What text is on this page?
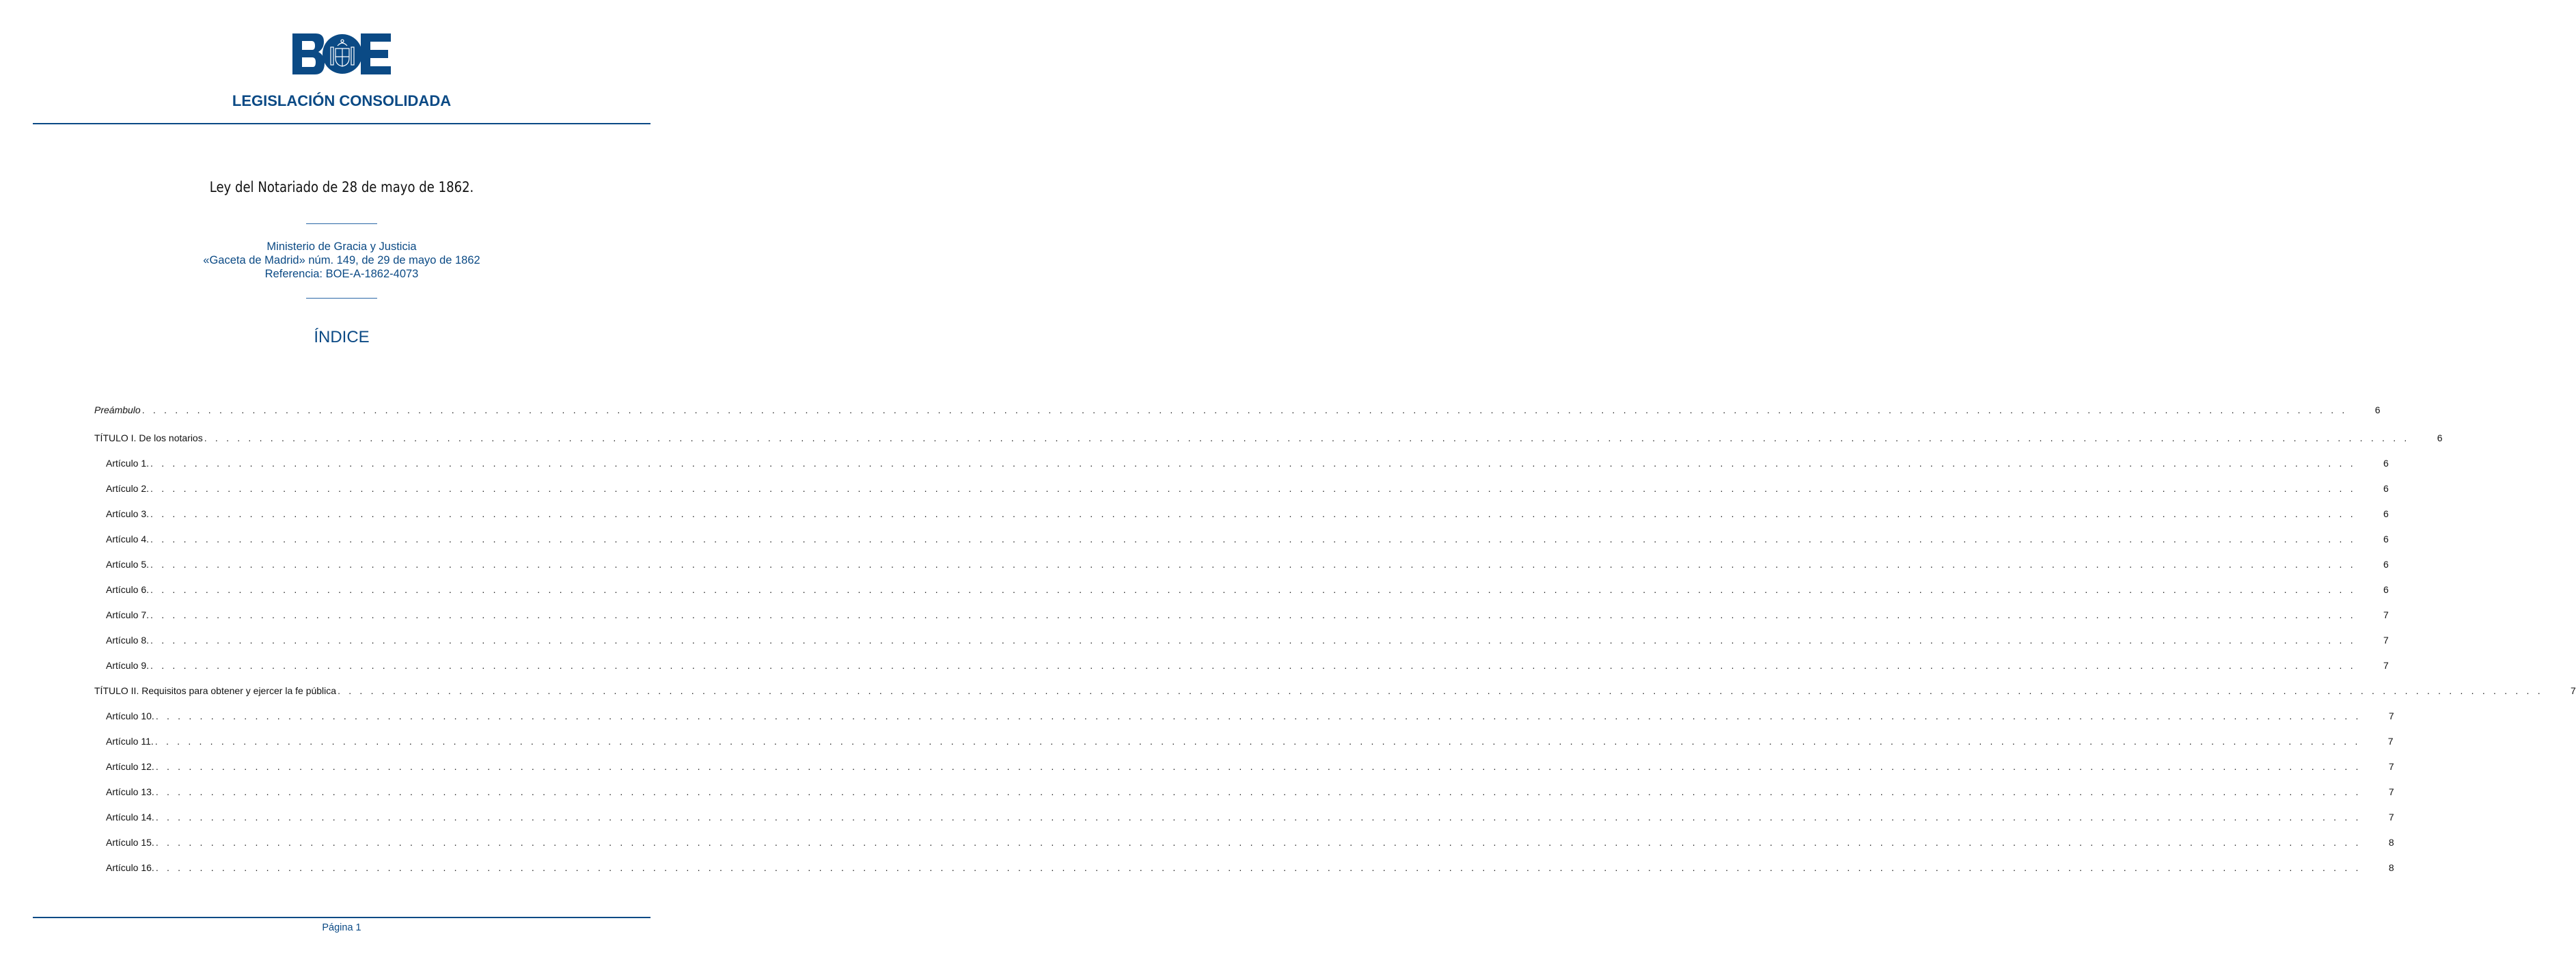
LEGISLACIÓN CONSOLIDADA
Ley del Notariado de 28 de mayo de 1862.
Ministerio de Gracia y Justicia
«Gaceta de Madrid» núm. 149, de 29 de mayo de 1862
Referencia: BOE-A-1862-4073
ÍNDICE
Preámbulo . . . . . . . . . . . . . . . . . . . . . . . . . . . . . . . . . . . . . . . . . . . . . . . . . . . . . . . . . . . . . . . . . . . . . . . . . . . . . . . . . . . . . . . . . . . . . . . . . . . . . . . . . . . . . . . . . . . . . . . . . . . . . . . . . . . . . . . . . . . . . . . . . . . . . . . . . . . . . . . . . . . . . . . . . . . . . . . . . . . . . . . . . . . . . . . . . . . . . . . .	6
TÍTULO I. De los notarios . . . . . . . . . . . . . . . . . . . . . . . . . . . . . . . . . . . . . . . . . . . . . . . . . . . . . . . . . . . . . . . . . . . . . . . . . . . . . . . . . . . . . . . . . . . . . . . . . . . . . . . . . . . . . . . . . . . . . . . . . . . . . . . . . . . . . . . . . . . . . . . . . . . . . . . . . . . . . . . . . . . . . . . . . . . . . . . . . . . . . . . . . . . . . . . . . . . . . . . .	6
Artículo 1. . . . . . . . . . . . . . . . . . . . . . . . . . . . . . . . . . . . . . . . . . . . . . . . . . . . . . . . . . . . . . . . . . . . . . . . . . . . . . . . . . . . . . . . . . . . . . . . . . . . . . . . . . . . . . . . . . . . . . . . . . . . . . . . . . . . . . . . . . . . . . . . . . . . . . . . . . . . . . . . . . . . . . . . . . . . . . . . . . . . . . . . . . . . . . . . . . . . . . . . .	6
Artículo 2. . . . . . . . . . . . . . . . . . . . . . . . . . . . . . . . . . . . . . . . . . . . . . . . . . . . . . . . . . . . . . . . . . . . . . . . . . . . . . . . . . . . . . . . . . . . . . . . . . . . . . . . . . . . . . . . . . . . . . . . . . . . . . . . . . . . . . . . . . . . . . . . . . . . . . . . . . . . . . . . . . . . . . . . . . . . . . . . . . . . . . . . . . . . . . . . . . . . . . . . .	6
Artículo 3. . . . . . . . . . . . . . . . . . . . . . . . . . . . . . . . . . . . . . . . . . . . . . . . . . . . . . . . . . . . . . . . . . . . . . . . . . . . . . . . . . . . . . . . . . . . . . . . . . . . . . . . . . . . . . . . . . . . . . . . . . . . . . . . . . . . . . . . . . . . . . . . . . . . . . . . . . . . . . . . . . . . . . . . . . . . . . . . . . . . . . . . . . . . . . . . . . . . . . . . .	6
Artículo 4. . . . . . . . . . . . . . . . . . . . . . . . . . . . . . . . . . . . . . . . . . . . . . . . . . . . . . . . . . . . . . . . . . . . . . . . . . . . . . . . . . . . . . . . . . . . . . . . . . . . . . . . . . . . . . . . . . . . . . . . . . . . . . . . . . . . . . . . . . . . . . . . . . . . . . . . . . . . . . . . . . . . . . . . . . . . . . . . . . . . . . . . . . . . . . . . . . . . . . . . .	6
Artículo 5. . . . . . . . . . . . . . . . . . . . . . . . . . . . . . . . . . . . . . . . . . . . . . . . . . . . . . . . . . . . . . . . . . . . . . . . . . . . . . . . . . . . . . . . . . . . . . . . . . . . . . . . . . . . . . . . . . . . . . . . . . . . . . . . . . . . . . . . . . . . . . . . . . . . . . . . . . . . . . . . . . . . . . . . . . . . . . . . . . . . . . . . . . . . . . . . . . . . . . . . .	6
Artículo 6. . . . . . . . . . . . . . . . . . . . . . . . . . . . . . . . . . . . . . . . . . . . . . . . . . . . . . . . . . . . . . . . . . . . . . . . . . . . . . . . . . . . . . . . . . . . . . . . . . . . . . . . . . . . . . . . . . . . . . . . . . . . . . . . . . . . . . . . . . . . . . . . . . . . . . . . . . . . . . . . . . . . . . . . . . . . . . . . . . . . . . . . . . . . . . . . . . . . . . . . .	6
Artículo 7. . . . . . . . . . . . . . . . . . . . . . . . . . . . . . . . . . . . . . . . . . . . . . . . . . . . . . . . . . . . . . . . . . . . . . . . . . . . . . . . . . . . . . . . . . . . . . . . . . . . . . . . . . . . . . . . . . . . . . . . . . . . . . . . . . . . . . . . . . . . . . . . . . . . . . . . . . . . . . . . . . . . . . . . . . . . . . . . . . . . . . . . . . . . . . . . . . . . . . . . .	7
Artículo 8. . . . . . . . . . . . . . . . . . . . . . . . . . . . . . . . . . . . . . . . . . . . . . . . . . . . . . . . . . . . . . . . . . . . . . . . . . . . . . . . . . . . . . . . . . . . . . . . . . . . . . . . . . . . . . . . . . . . . . . . . . . . . . . . . . . . . . . . . . . . . . . . . . . . . . . . . . . . . . . . . . . . . . . . . . . . . . . . . . . . . . . . . . . . . . . . . . . . . . . . .	7
Artículo 9. . . . . . . . . . . . . . . . . . . . . . . . . . . . . . . . . . . . . . . . . . . . . . . . . . . . . . . . . . . . . . . . . . . . . . . . . . . . . . . . . . . . . . . . . . . . . . . . . . . . . . . . . . . . . . . . . . . . . . . . . . . . . . . . . . . . . . . . . . . . . . . . . . . . . . . . . . . . . . . . . . . . . . . . . . . . . . . . . . . . . . . . . . . . . . . . . . . . . . . . .	7
TÍTULO II. Requisitos para obtener y ejercer la fe pública . . . . . . . . . . . . . . . . . . . . . . . . . . . . . . . . . . . . . . . . . . . . . . . . . . . . . . . . . . . . . . . . . . . . . . . . . . . . . . . . . . . . . . . . . . . . . . . . . . . . . . . . . . . . . . . . . . . . . . . . . . . . . . . . . . . . . . . . . . . . . . . . . . . . . . . . . . . . . . . . . . . . . . . . . . . . . . . . . . . . . . . . . . . . . . . . . . . . . . . .	7
Artículo 10. . . . . . . . . . . . . . . . . . . . . . . . . . . . . . . . . . . . . . . . . . . . . . . . . . . . . . . . . . . . . . . . . . . . . . . . . . . . . . . . . . . . . . . . . . . . . . . . . . . . . . . . . . . . . . . . . . . . . . . . . . . . . . . . . . . . . . . . . . . . . . . . . . . . . . . . . . . . . . . . . . . . . . . . . . . . . . . . . . . . . . . . . . . . . . . . . . . . . . . . .	7
Artículo 11. . . . . . . . . . . . . . . . . . . . . . . . . . . . . . . . . . . . . . . . . . . . . . . . . . . . . . . . . . . . . . . . . . . . . . . . . . . . . . . . . . . . . . . . . . . . . . . . . . . . . . . . . . . . . . . . . . . . . . . . . . . . . . . . . . . . . . . . . . . . . . . . . . . . . . . . . . . . . . . . . . . . . . . . . . . . . . . . . . . . . . . . . . . . . . . . . . . . . . . . .	7
Artículo 12. . . . . . . . . . . . . . . . . . . . . . . . . . . . . . . . . . . . . . . . . . . . . . . . . . . . . . . . . . . . . . . . . . . . . . . . . . . . . . . . . . . . . . . . . . . . . . . . . . . . . . . . . . . . . . . . . . . . . . . . . . . . . . . . . . . . . . . . . . . . . . . . . . . . . . . . . . . . . . . . . . . . . . . . . . . . . . . . . . . . . . . . . . . . . . . . . . . . . . . . .	7
Artículo 13. . . . . . . . . . . . . . . . . . . . . . . . . . . . . . . . . . . . . . . . . . . . . . . . . . . . . . . . . . . . . . . . . . . . . . . . . . . . . . . . . . . . . . . . . . . . . . . . . . . . . . . . . . . . . . . . . . . . . . . . . . . . . . . . . . . . . . . . . . . . . . . . . . . . . . . . . . . . . . . . . . . . . . . . . . . . . . . . . . . . . . . . . . . . . . . . . . . . . . . . .	7
Artículo 14. . . . . . . . . . . . . . . . . . . . . . . . . . . . . . . . . . . . . . . . . . . . . . . . . . . . . . . . . . . . . . . . . . . . . . . . . . . . . . . . . . . . . . . . . . . . . . . . . . . . . . . . . . . . . . . . . . . . . . . . . . . . . . . . . . . . . . . . . . . . . . . . . . . . . . . . . . . . . . . . . . . . . . . . . . . . . . . . . . . . . . . . . . . . . . . . . . . . . . . . .	7
Artículo 15. . . . . . . . . . . . . . . . . . . . . . . . . . . . . . . . . . . . . . . . . . . . . . . . . . . . . . . . . . . . . . . . . . . . . . . . . . . . . . . . . . . . . . . . . . . . . . . . . . . . . . . . . . . . . . . . . . . . . . . . . . . . . . . . . . . . . . . . . . . . . . . . . . . . . . . . . . . . . . . . . . . . . . . . . . . . . . . . . . . . . . . . . . . . . . . . . . . . . . . . .	8
Artículo 16. . . . . . . . . . . . . . . . . . . . . . . . . . . . . . . . . . . . . . . . . . . . . . . . . . . . . . . . . . . . . . . . . . . . . . . . . . . . . . . . . . . . . . . . . . . . . . . . . . . . . . . . . . . . . . . . . . . . . . . . . . . . . . . . . . . . . . . . . . . . . . . . . . . . . . . . . . . . . . . . . . . . . . . . . . . . . . . . . . . . . . . . . . . . . . . . . . . . . . . . .	8
Página 1
